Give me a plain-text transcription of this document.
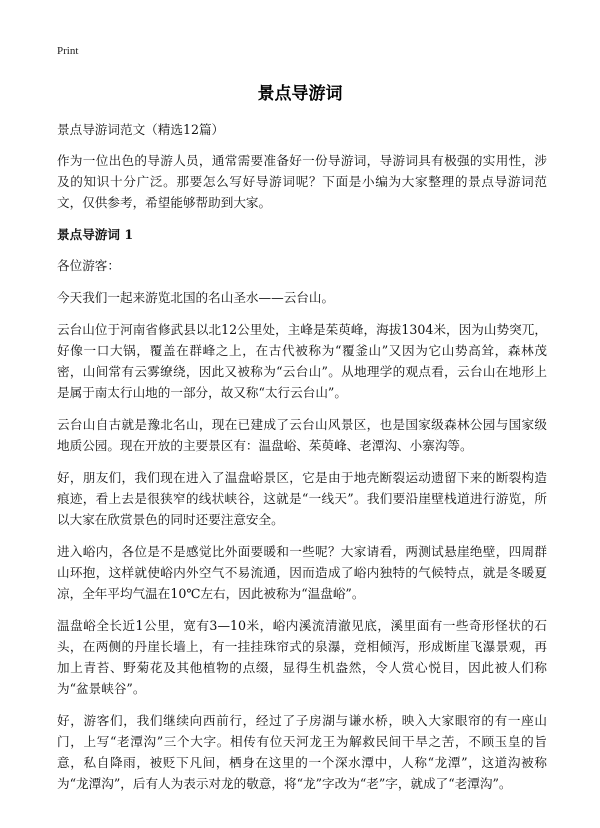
Print
景点导游词

景点导游词范文（精选12篇）

作为一位出色的导游人员，通常需要准备好一份导游词，导游词具有极强的实用性，涉及的知识十分广泛。那要怎么写好导游词呢？下面是小编为大家整理的景点导游词范文，仅供参考，希望能够帮助到大家。

景点导游词 1

各位游客：

今天我们一起来游览北国的名山圣水——云台山。

云台山位于河南省修武县以北12公里处，主峰是茱萸峰，海拔1304米，因为山势突兀，好像一口大锅，覆盖在群峰之上，在古代被称为“覆釜山”又因为它山势高耸，森林茂密，山间常有云雾缭绕，因此又被称为“云台山”。从地理学的观点看，云台山在地形上是属于南太行山地的一部分，故又称“太行云台山”。

云台山自古就是豫北名山，现在已建成了云台山风景区，也是国家级森林公园与国家级地质公园。现在开放的主要景区有：温盘峪、茱萸峰、老潭沟、小寨沟等。

好，朋友们，我们现在进入了温盘峪景区，它是由于地壳断裂运动遗留下来的断裂构造痕迹，看上去是很狭窄的线状峡谷，这就是“一线天”。我们要沿崖壁栈道进行游览，所以大家在欣赏景色的同时还要注意安全。

进入峪内，各位是不是感觉比外面要暖和一些呢？大家请看，两测试悬崖绝壁，四周群山环抱，这样就使峪内外空气不易流通，因而造成了峪内独特的气候特点，就是冬暖夏凉，全年平均气温在10℃左右，因此被称为“温盘峪”。

温盘峪全长近1公里，宽有3—10米，峪内溪流清澈见底，溪里面有一些奇形怪状的石头，在两侧的丹崖长墙上，有一挂挂珠帘式的泉瀑，竞相倾泻，形成断崖飞瀑景观，再加上青苔、野菊花及其他植物的点缀，显得生机盎然，令人赏心悦目，因此被人们称为“盆景峡谷”。

好，游客们，我们继续向西前行，经过了子房湖与谦水桥，映入大家眼帘的有一座山门，上写“老潭沟”三个大字。相传有位天河龙王为解救民间干旱之苦，不顾玉皇的旨意，私自降雨，被贬下凡间，栖身在这里的一个深水潭中，人称“龙潭”，这道沟被称为“龙潭沟”，后有人为表示对龙的敬意，将“龙”字改为“老”字，就成了“老潭沟”。
